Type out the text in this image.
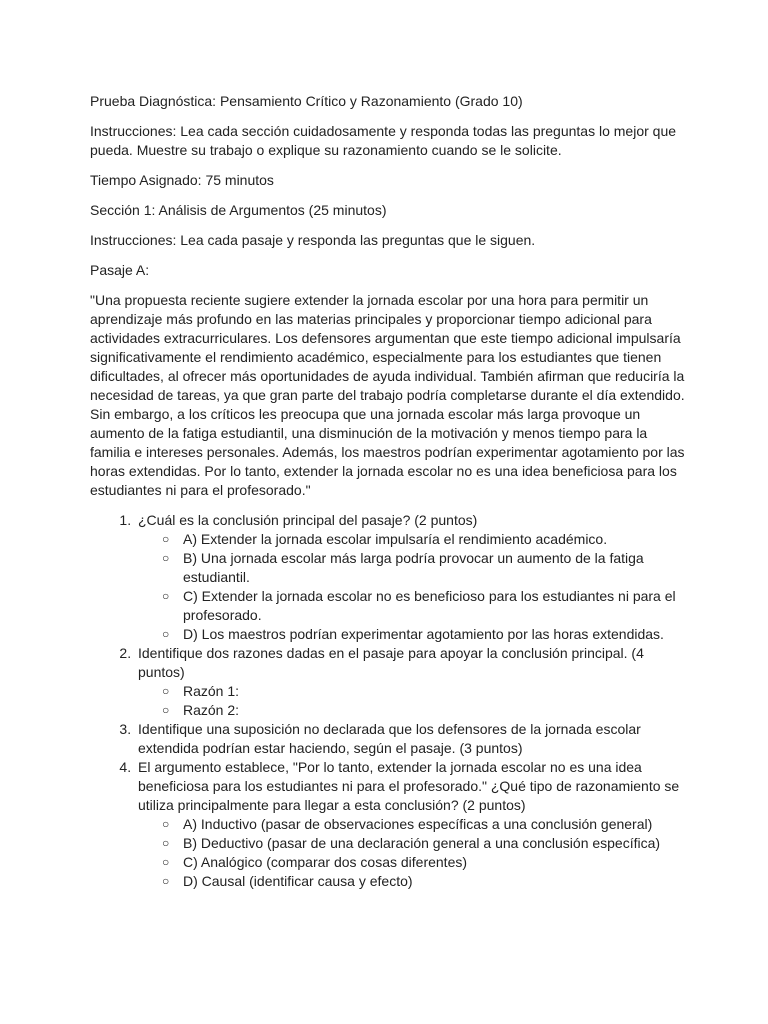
Prueba Diagnóstica: Pensamiento Crítico y Razonamiento (Grado 10)

Instrucciones: Lea cada sección cuidadosamente y responda todas las preguntas lo mejor que pueda. Muestre su trabajo o explique su razonamiento cuando se le solicite.

Tiempo Asignado: 75 minutos

Sección 1: Análisis de Argumentos (25 minutos)

Instrucciones: Lea cada pasaje y responda las preguntas que le siguen.

Pasaje A:

"Una propuesta reciente sugiere extender la jornada escolar por una hora para permitir un aprendizaje más profundo en las materias principales y proporcionar tiempo adicional para actividades extracurriculares. Los defensores argumentan que este tiempo adicional impulsaría significativamente el rendimiento académico, especialmente para los estudiantes que tienen dificultades, al ofrecer más oportunidades de ayuda individual. También afirman que reduciría la necesidad de tareas, ya que gran parte del trabajo podría completarse durante el día extendido. Sin embargo, a los críticos les preocupa que una jornada escolar más larga provoque un aumento de la fatiga estudiantil, una disminución de la motivación y menos tiempo para la familia e intereses personales. Además, los maestros podrían experimentar agotamiento por las horas extendidas. Por lo tanto, extender la jornada escolar no es una idea beneficiosa para los estudiantes ni para el profesorado."

1. ¿Cuál es la conclusión principal del pasaje? (2 puntos)
○ A) Extender la jornada escolar impulsaría el rendimiento académico.
○ B) Una jornada escolar más larga podría provocar un aumento de la fatiga estudiantil.
○ C) Extender la jornada escolar no es beneficioso para los estudiantes ni para el profesorado.
○ D) Los maestros podrían experimentar agotamiento por las horas extendidas.
2. Identifique dos razones dadas en el pasaje para apoyar la conclusión principal. (4 puntos)
○ Razón 1:
○ Razón 2:
3. Identifique una suposición no declarada que los defensores de la jornada escolar extendida podrían estar haciendo, según el pasaje. (3 puntos)
4. El argumento establece, "Por lo tanto, extender la jornada escolar no es una idea beneficiosa para los estudiantes ni para el profesorado." ¿Qué tipo de razonamiento se utiliza principalmente para llegar a esta conclusión? (2 puntos)
○ A) Inductivo (pasar de observaciones específicas a una conclusión general)
○ B) Deductivo (pasar de una declaración general a una conclusión específica)
○ C) Analógico (comparar dos cosas diferentes)
○ D) Causal (identificar causa y efecto)
